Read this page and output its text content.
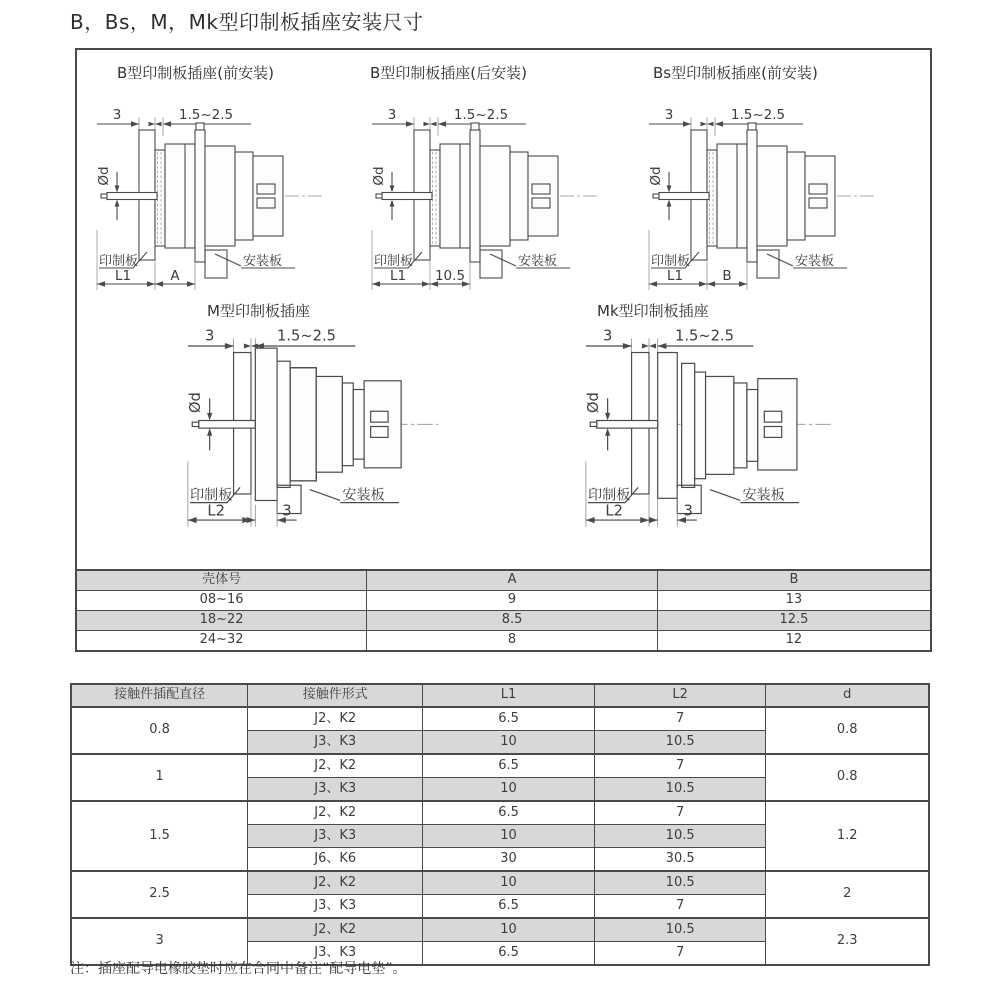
B，Bs，M，Mk型印制板插座安装尺寸
B型印制板插座(前安装)	B型印制板插座(后安装)	Bs型印制板插座(前安装)
M型印制板插座	Mk型印制板插座
3	1.5~2.5
Ød
印制板	安装板
L1	A
3	1.5~2.5
Ød
印制板	安装板
L1 10.5
3	1.5~2.5
Ød
印制板	安装板
L1	B
3	1.5~2.5
Ød
印制板	安装板
L2	3
3	1.5~2.5
Ød
印制板	安装板
L2	3
壳体号	A	B
08~16	9	13
18~22	8.5	12.5
24~32	8	12
接触件插配直径	接触件形式	L1	L2	d
0.8	J2、K2	6.5	7	0.8
	J3、K3	10	10.5	
1	J2、K2	6.5	7	0.8
	J3、K3	10	10.5	
1.5	J2、K2	6.5	7	1.2
	J3、K3	10	10.5	
	J6、K6	30	30.5	
2.5	J2、K2	10	10.5	2
	J3、K3	6.5	7	
3	J2、K2	10	10.5	2.3
	J3、K3	6.5	7	
注：插座配导电橡胶垫时应在合同中备注“配导电垫”。
